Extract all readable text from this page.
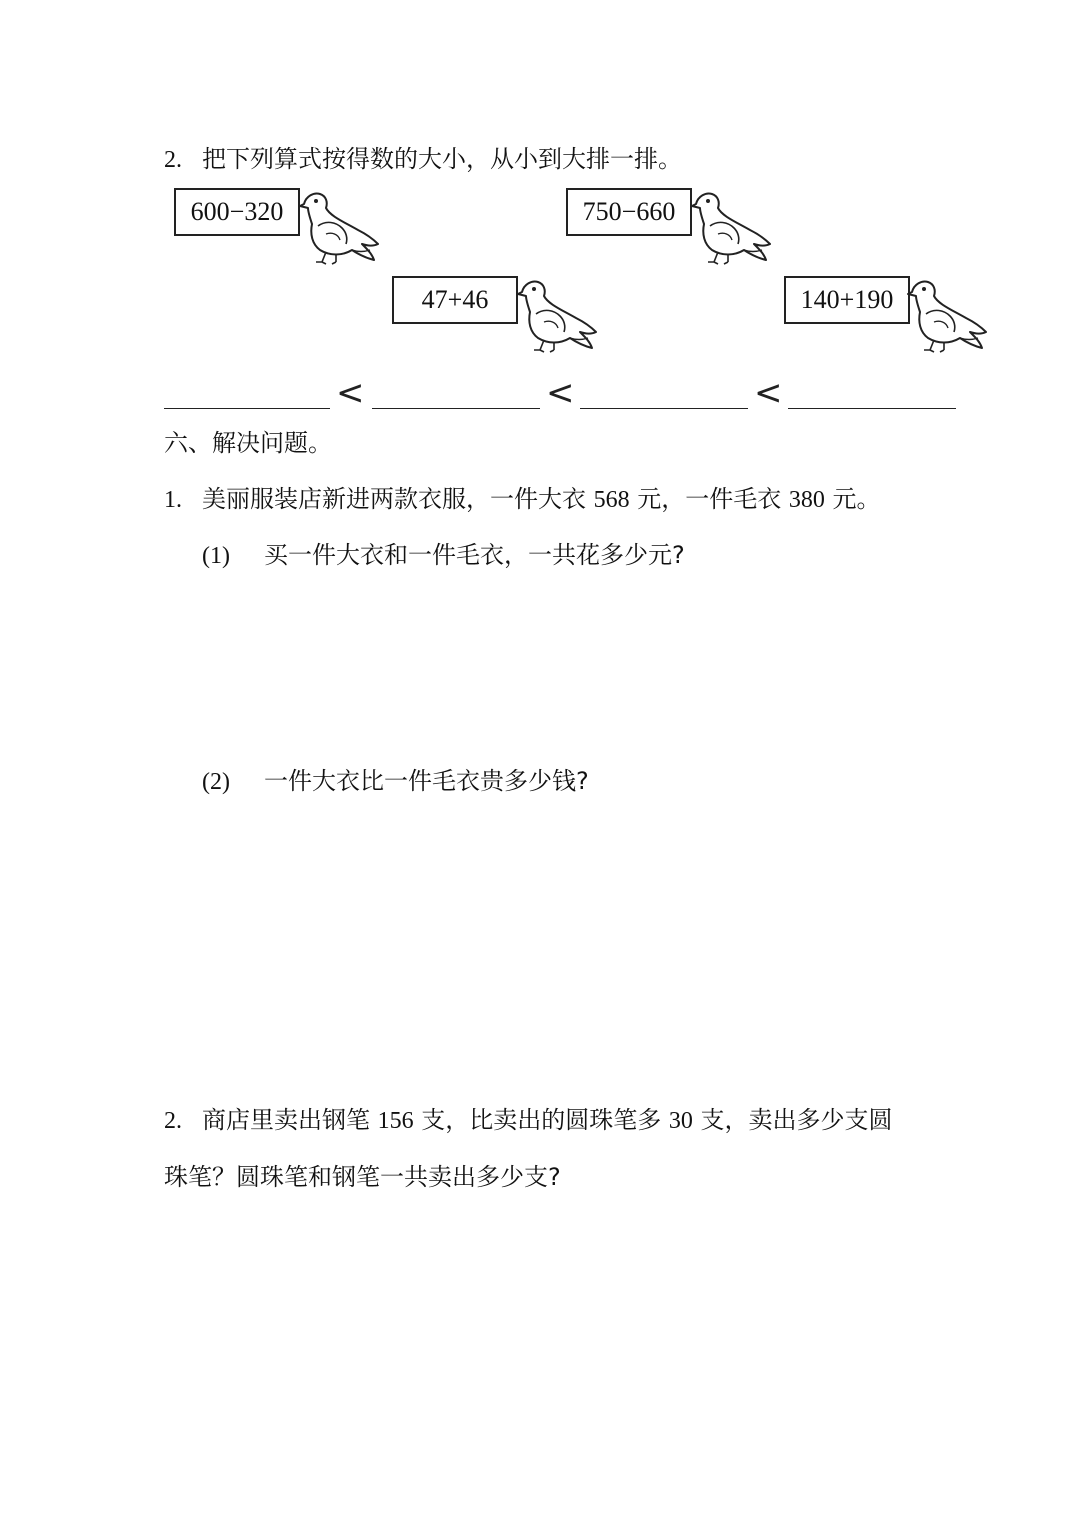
2. 把下列算式按得数的大小，从小到大排一排。
600−320	750−660
47+46	140+190
<	<	<
六、解决问题。
1. 美丽服装店新进两款衣服，一件大衣 568 元，一件毛衣 380 元。
(1) 买一件大衣和一件毛衣，一共花多少元?
(2) 一件大衣比一件毛衣贵多少钱?
2. 商店里卖出钢笔 156 支，比卖出的圆珠笔多 30 支，卖出多少支圆
珠笔？圆珠笔和钢笔一共卖出多少支?
